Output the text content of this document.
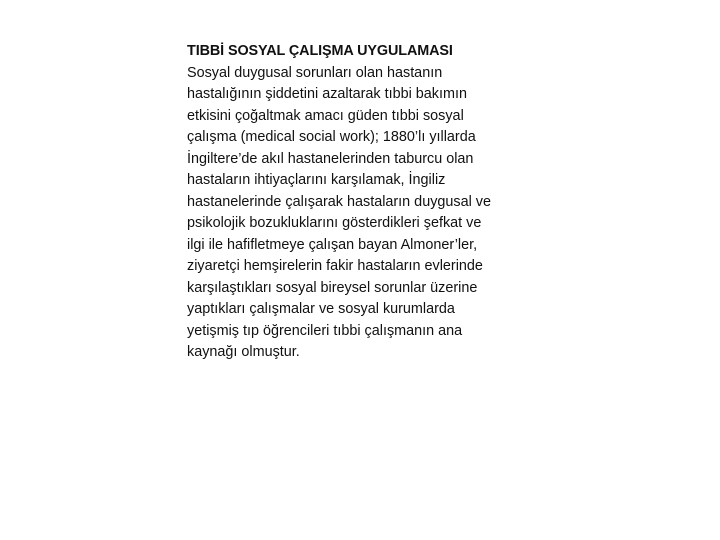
TIBBİ SOSYAL ÇALIŞMA UYGULAMASI
Sosyal duygusal sorunları olan hastanın
hastalığının şiddetini azaltarak tıbbi bakımın
etkisini çoğaltmak amacı güden tıbbi sosyal
çalışma (medical social work); 1880’lı yıllarda
İngiltere’de akıl hastanelerinden taburcu olan
hastaların ihtiyaçlarını karşılamak, İngiliz
hastanelerinde çalışarak hastaların duygusal ve
psikolojik bozukluklarını gösterdikleri şefkat ve
ilgi ile hafifletmeye çalışan bayan Almoner’ler,
ziyaretçi hemşirelerin fakir hastaların evlerinde
karşılaştıkları sosyal bireysel sorunlar üzerine
yaptıkları çalışmalar ve sosyal kurumlarda
yetişmiş tıp öğrencileri tıbbi çalışmanın ana
kaynağı olmuştur.
